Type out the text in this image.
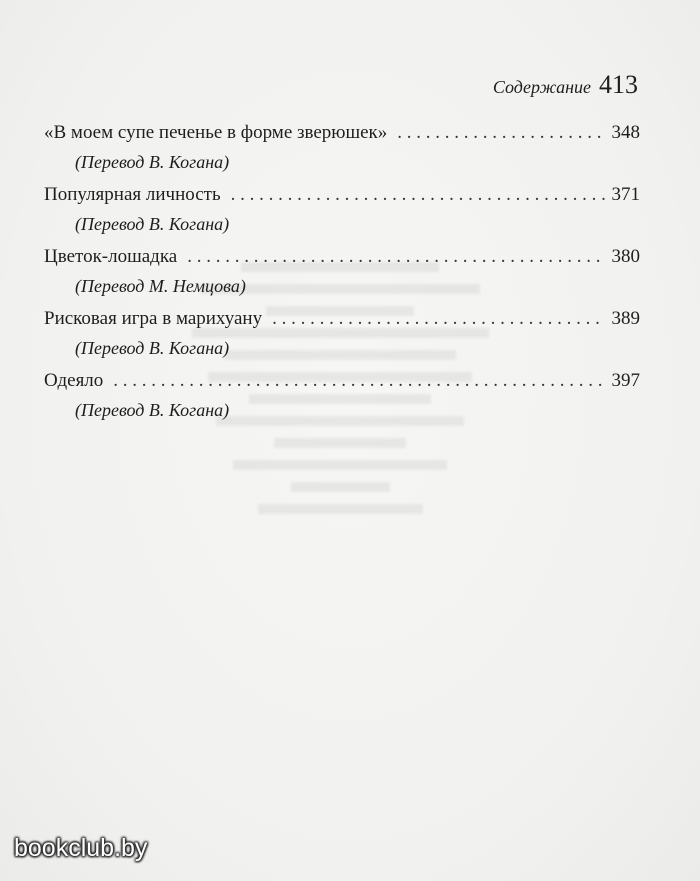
Содержание 413
«В моем супе печенье в форме зверюшек» . . .	348
(Перевод В. Когана)
Популярная личность . . .	371
(Перевод В. Когана)
Цветок-лошадка . . .	380
(Перевод М. Немцова)
Рисковая игра в марихуану . . .	389
(Перевод В. Когана)
Одеяло . . .	397
(Перевод В. Когана)
bookclub.by
